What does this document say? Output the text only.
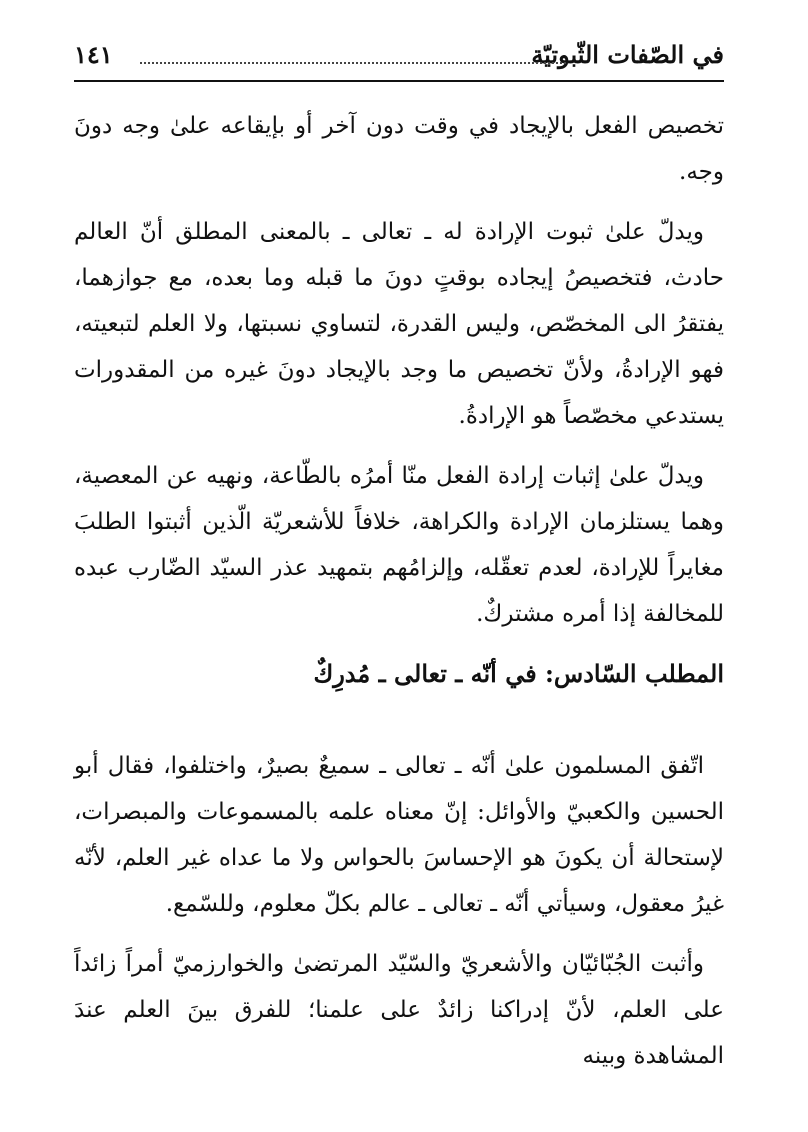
في الصّفات الثّبوتيّة
١٤١

تخصيص الفعل بالإيجاد في وقت دون آخر أو بإيقاعه علىٰ وجه دونَ وجه.

ويدلّ علىٰ ثبوت الإرادة له ـ تعالى ـ بالمعنى المطلق أنّ العالم حادث، فتخصيصُ إيجاده بوقتٍ دونَ ما قبله وما بعده، مع جوازهما، يفتقرُ الى المخصّص، وليس القدرة، لتساوي نسبتها، ولا العلم لتبعيته، فهو الإرادةُ، ولأنّ تخصيص ما وجد بالإيجاد دونَ غيره من المقدورات يستدعي مخصّصاً هو الإرادةُ.

ويدلّ علىٰ إثبات إرادة الفعل منّا أمرُه بالطّاعة، ونهيه عن المعصية، وهما يستلزمان الإرادة والكراهة، خلافاً للأشعريّة الّذين أثبتوا الطلبَ مغايراً للإرادة، لعدم تعقّله، وإلزامُهم بتمهيد عذر السيّد الضّارب عبده للمخالفة إذا أمره مشتركٌ.

المطلب السّادس: في أنّه ـ تعالى ـ مُدرِكٌ

اتّفق المسلمون علىٰ أنّه ـ تعالى ـ سميعٌ بصيرٌ، واختلفوا، فقال أبو الحسين والكعبيّ والأوائل: إنّ معناه علمه بالمسموعات والمبصرات، لإستحالة أن يكونَ هو الإحساسَ بالحواس ولا ما عداه غير العلم، لأنّه غيرُ معقول، وسيأتي أنّه ـ تعالى ـ عالم بكلّ معلوم، وللسّمع.

وأثبت الجُبّائيّان والأشعريّ والسّيّد المرتضىٰ والخوارزميّ أمراً زائداً على العلم، لأنّ إدراكنا زائدٌ على علمنا؛ للفرق بينَ العلم عندَ المشاهدة وبينه
